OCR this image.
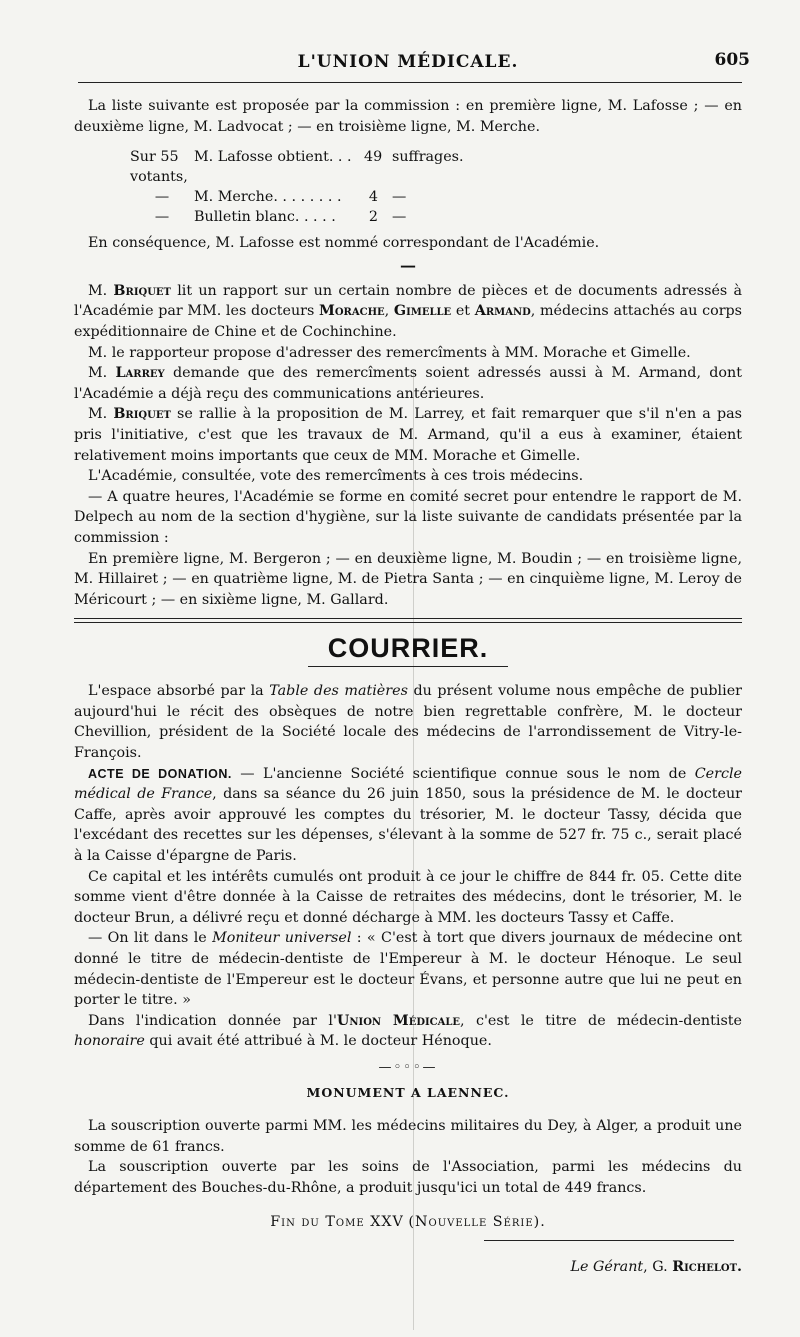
L'UNION MÉDICALE.	605

La liste suivante est proposée par la commission : en première ligne, M. Lafosse ; — en deuxième ligne, M. Ladvocat ; — en troisième ligne, M. Merche.

Sur 55 votants,
M. Lafosse obtient. . . 49 suffrages.
—	M. Merche. . . . . . . .	4 —
—	Bulletin blanc. . . . .	2 —

En conséquence, M. Lafosse est nommé correspondant de l'Académie.

—

M. Briquet lit un rapport sur un certain nombre de pièces et de documents adressés à l'Académie par MM. les docteurs Morache, Gimelle et Armand, médecins attachés au corps expéditionnaire de Chine et de Cochinchine.

M. le rapporteur propose d'adresser des remercîments à MM. Morache et Gimelle.

M. Larrey demande que des remercîments soient adressés aussi à M. Armand, dont l'Académie a déjà reçu des communications antérieures.

M. Briquet se rallie à la proposition de M. Larrey, et fait remarquer que s'il n'en a pas pris l'initiative, c'est que les travaux de M. Armand, qu'il a eus à examiner, étaient relativement moins importants que ceux de MM. Morache et Gimelle.

L'Académie, consultée, vote des remercîments à ces trois médecins.

— A quatre heures, l'Académie se forme en comité secret pour entendre le rapport de M. Delpech au nom de la section d'hygiène, sur la liste suivante de candidats présentée par la commission :

En première ligne, M. Bergeron ; — en deuxième ligne, M. Boudin ; — en troisième ligne, M. Hillairet ; — en quatrième ligne, M. de Pietra Santa ; — en cinquième ligne, M. Leroy de Méricourt ; — en sixième ligne, M. Gallard.

COURRIER.

L'espace absorbé par la Table des matières du présent volume nous empêche de publier aujourd'hui le récit des obsèques de notre bien regrettable confrère, M. le docteur Chevillion, président de la Société locale des médecins de l'arrondissement de Vitry-le-François.

ACTE DE DONATION. — L'ancienne Société scientifique connue sous le nom de Cercle médical de France, dans sa séance du 26 juin 1850, sous la présidence de M. le docteur Caffe, après avoir approuvé les comptes du trésorier, M. le docteur Tassy, décida que l'excédant des recettes sur les dépenses, s'élevant à la somme de 527 fr. 75 c., serait placé à la Caisse d'épargne de Paris.

Ce capital et les intérêts cumulés ont produit à ce jour le chiffre de 844 fr. 05. Cette dite somme vient d'être donnée à la Caisse de retraites des médecins, dont le trésorier, M. le docteur Brun, a délivré reçu et donné décharge à MM. les docteurs Tassy et Caffe.

— On lit dans le Moniteur universel : « C'est à tort que divers journaux de médecine ont donné le titre de médecin-dentiste de l'Empereur à M. le docteur Hénoque. Le seul médecin-dentiste de l'Empereur est le docteur Évans, et personne autre que lui ne peut en porter le titre. »

Dans l'indication donnée par l'Union Médicale, c'est le titre de médecin-dentiste honoraire qui avait été attribué à M. le docteur Hénoque.

—◦◦◦—
MONUMENT A LAENNEC.

La souscription ouverte parmi MM. les médecins militaires du Dey, à Alger, a produit une somme de 61 francs.

La souscription ouverte par les soins de l'Association, parmi les médecins du département des Bouches-du-Rhône, a produit jusqu'ici un total de 449 francs.

Fin du Tome XXV (Nouvelle Série).
Le Gérant, G. Richelot.
